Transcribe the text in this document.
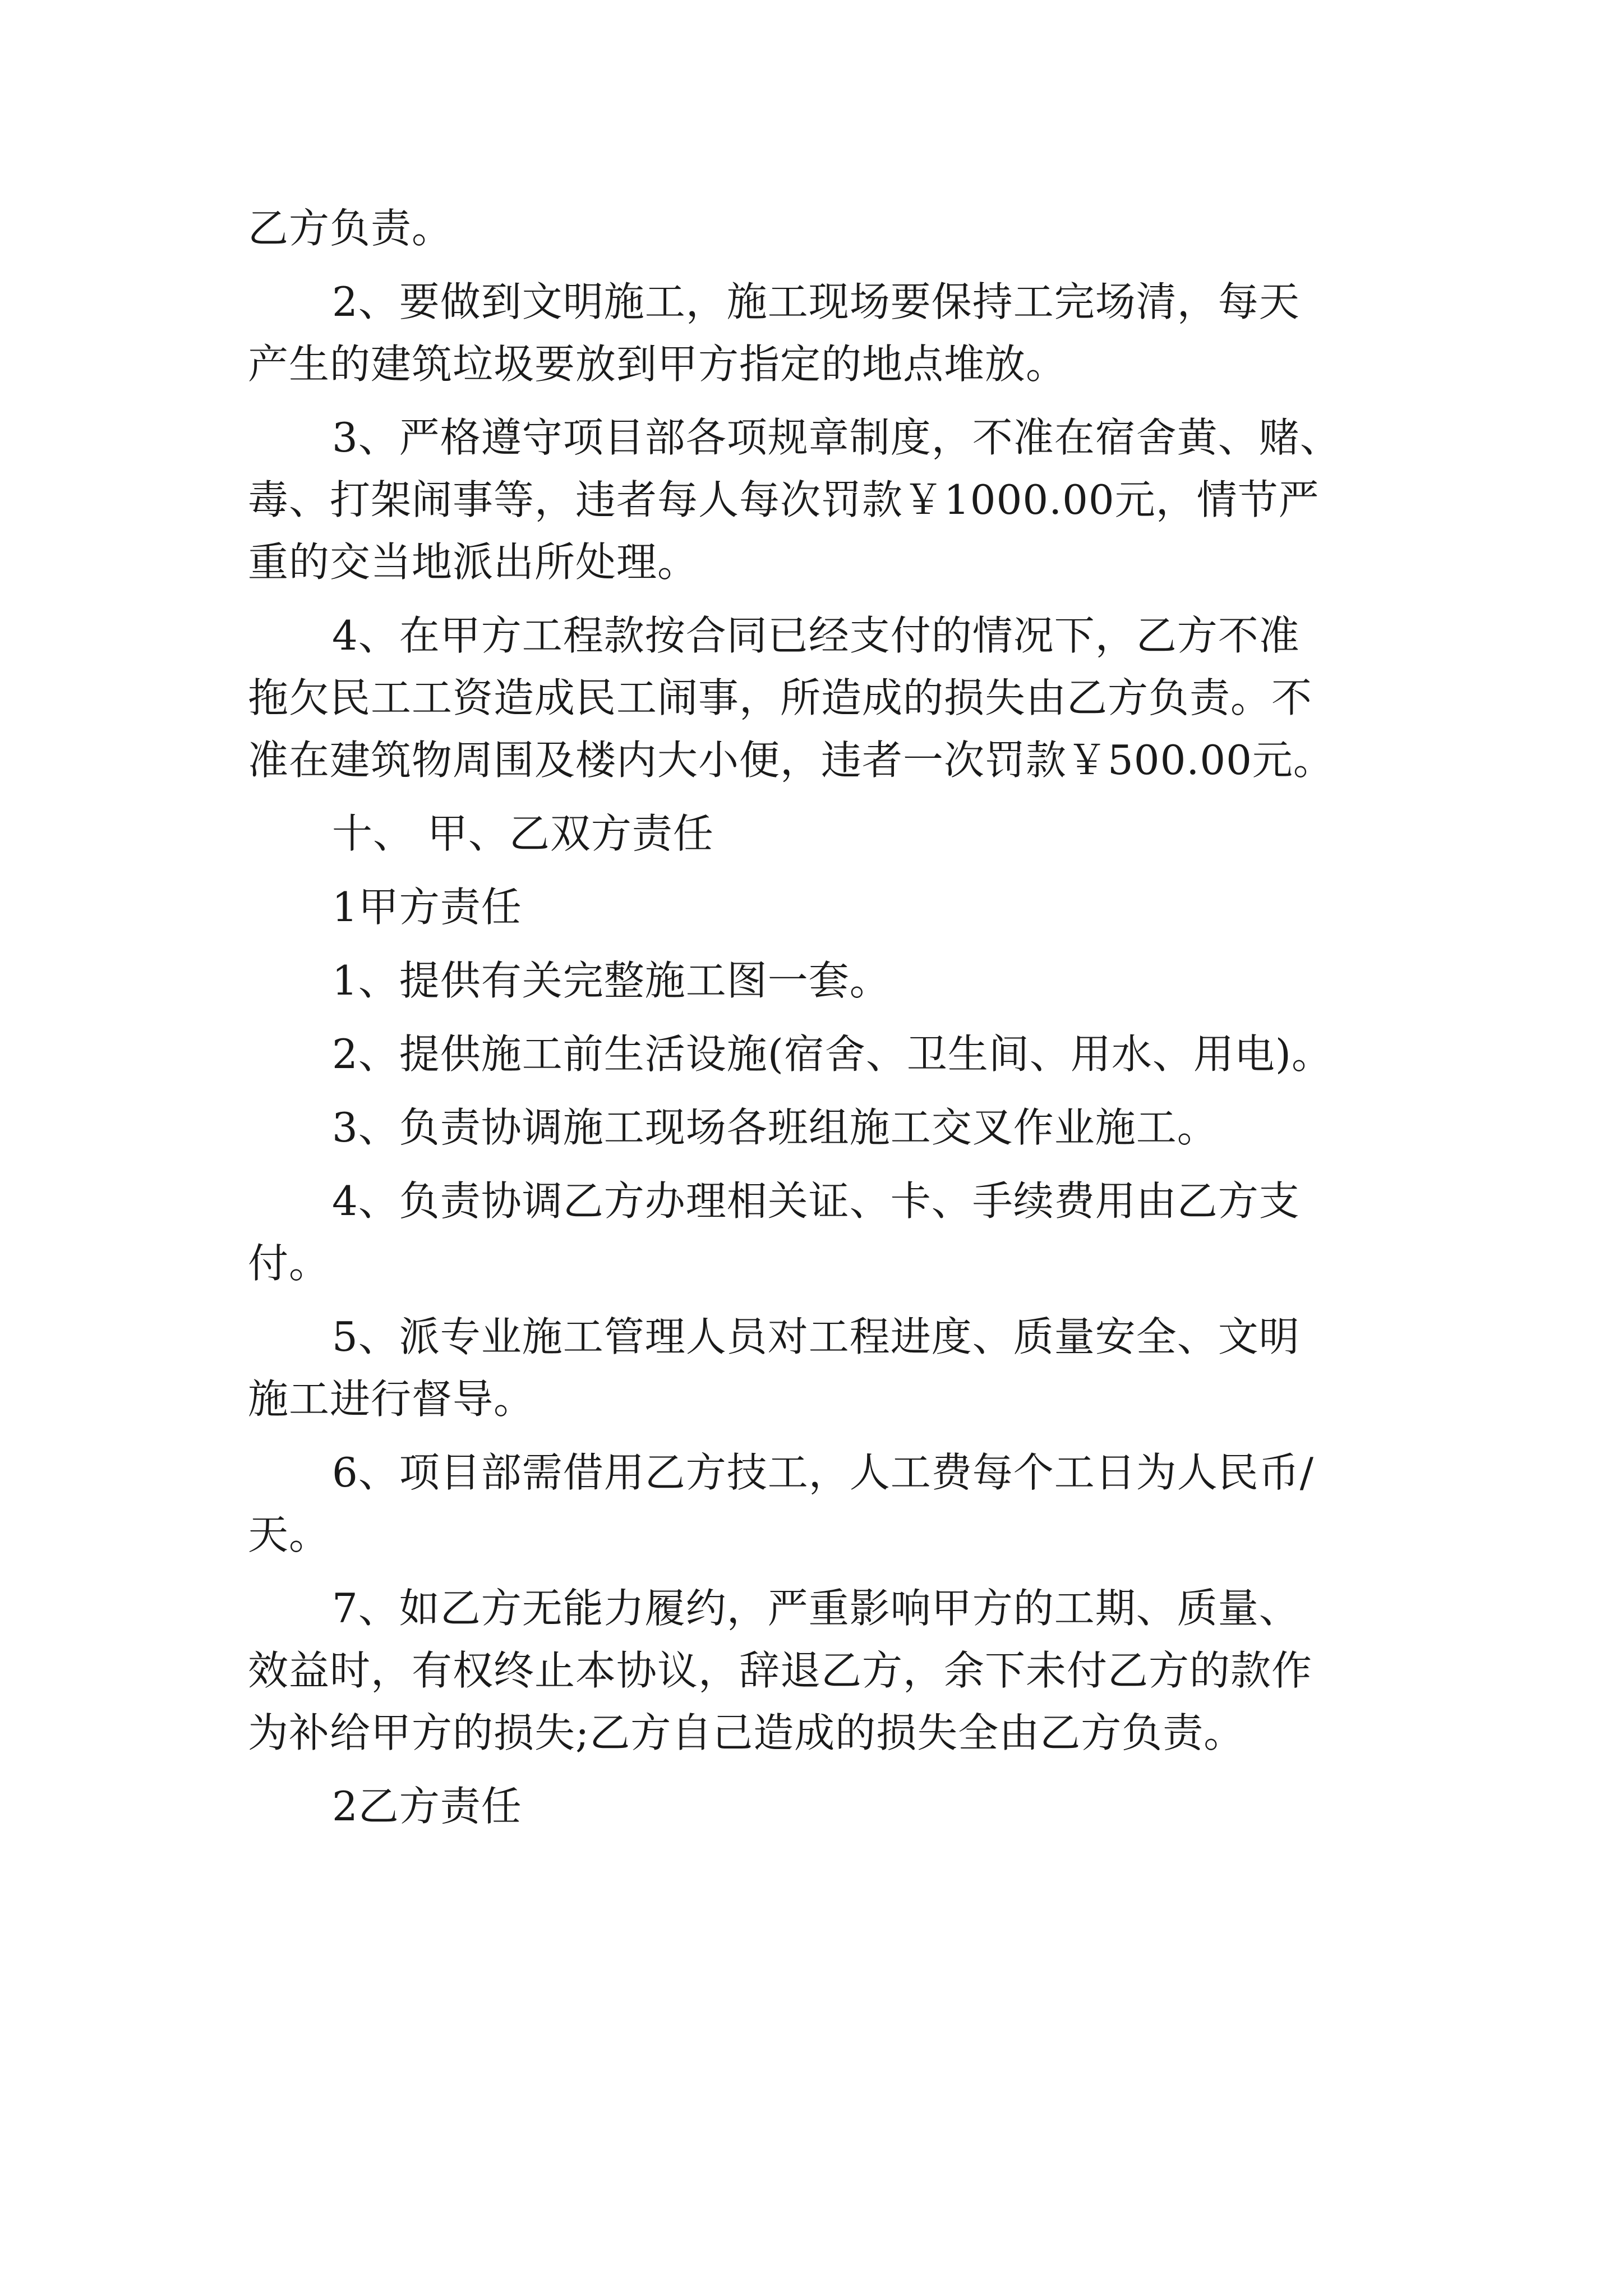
乙方负责。
2、要做到文明施工，施工现场要保持工完场清，每天
产生的建筑垃圾要放到甲方指定的地点堆放。
3、严格遵守项目部各项规章制度，不准在宿舍黄、赌、
毒、打架闹事等，违者每人每次罚款￥1000.00元，情节严
重的交当地派出所处理。
4、在甲方工程款按合同已经支付的情况下，乙方不准
拖欠民工工资造成民工闹事，所造成的损失由乙方负责。不
准在建筑物周围及楼内大小便，违者一次罚款￥500.00元。
十、 甲、乙双方责任
1甲方责任
1、提供有关完整施工图一套。
2、提供施工前生活设施(宿舍、卫生间、用水、用电)。
3、负责协调施工现场各班组施工交叉作业施工。
4、负责协调乙方办理相关证、卡、手续费用由乙方支
付。
5、派专业施工管理人员对工程进度、质量安全、文明
施工进行督导。
6、项目部需借用乙方技工，人工费每个工日为人民币/
天。
7、如乙方无能力履约，严重影响甲方的工期、质量、
效益时，有权终止本协议，辞退乙方，余下未付乙方的款作
为补给甲方的损失;乙方自己造成的损失全由乙方负责。
2乙方责任
